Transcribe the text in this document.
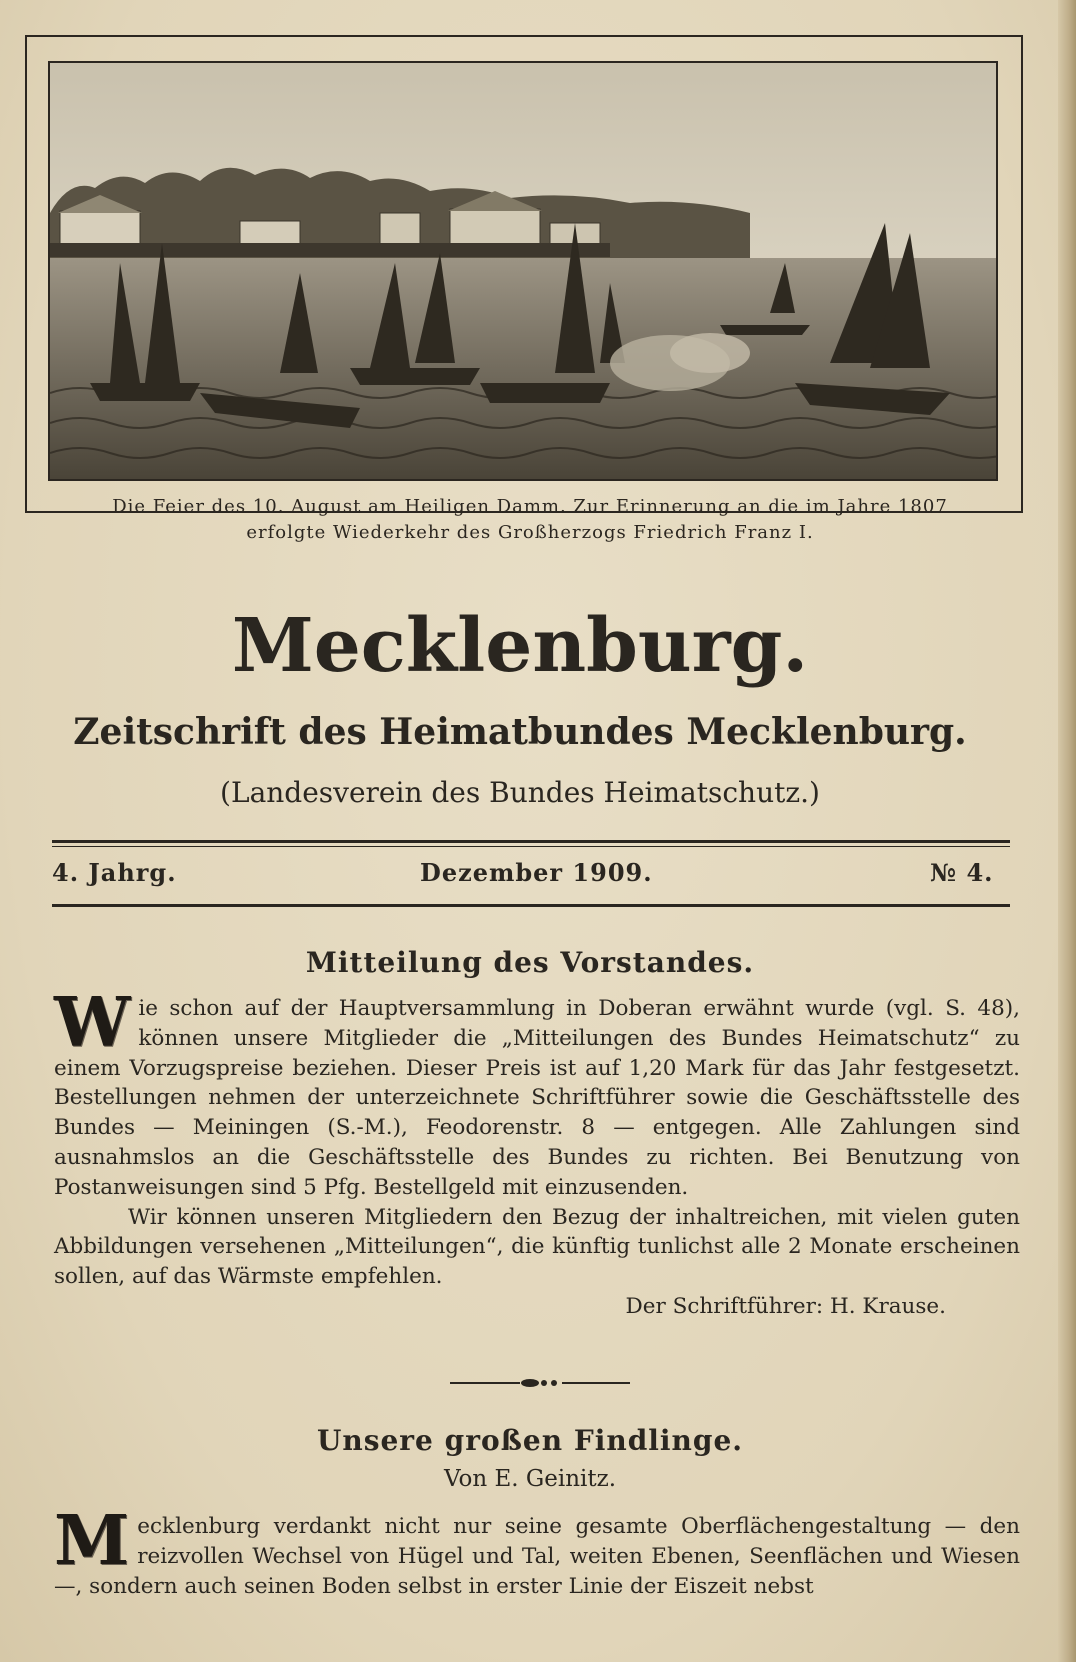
Die Feier des 10. August am Heiligen Damm. Zur Erinnerung an die im Jahre 1807
erfolgte Wiederkehr des Großherzogs Friedrich Franz I.
Mecklenburg.
Zeitschrift des Heimatbundes Mecklenburg.
(Landesverein des Bundes Heimatschutz.)
4. Jahrg.	Dezember 1909.	№ 4.
Mitteilung des Vorstandes.

Wie schon auf der Hauptversammlung in Doberan erwähnt wurde (vgl. S. 48), können unsere Mitglieder die „Mitteilungen des Bundes Heimatschutz“ zu einem Vorzugspreise beziehen. Dieser Preis ist auf 1,20 Mark für das Jahr festgesetzt. Bestellungen nehmen der unterzeichnete Schriftführer sowie die Geschäftsstelle des Bundes — Meiningen (S.-M.), Feodorenstr. 8 — entgegen. Alle Zahlungen sind ausnahmslos an die Geschäftsstelle des Bundes zu richten. Bei Benutzung von Postanweisungen sind 5 Pfg. Bestellgeld mit einzusenden.

Wir können unseren Mitgliedern den Bezug der inhaltreichen, mit vielen guten Abbildungen versehenen „Mitteilungen“, die künftig tunlichst alle 2 Monate erscheinen sollen, auf das Wärmste empfehlen.

Der Schriftführer: H. Krause.

Unsere großen Findlinge.
Von E. Geinitz.

Mecklenburg verdankt nicht nur seine gesamte Oberflächengestaltung — den reizvollen Wechsel von Hügel und Tal, weiten Ebenen, Seenflächen und Wiesen —, sondern auch seinen Boden selbst in erster Linie der Eiszeit nebst
